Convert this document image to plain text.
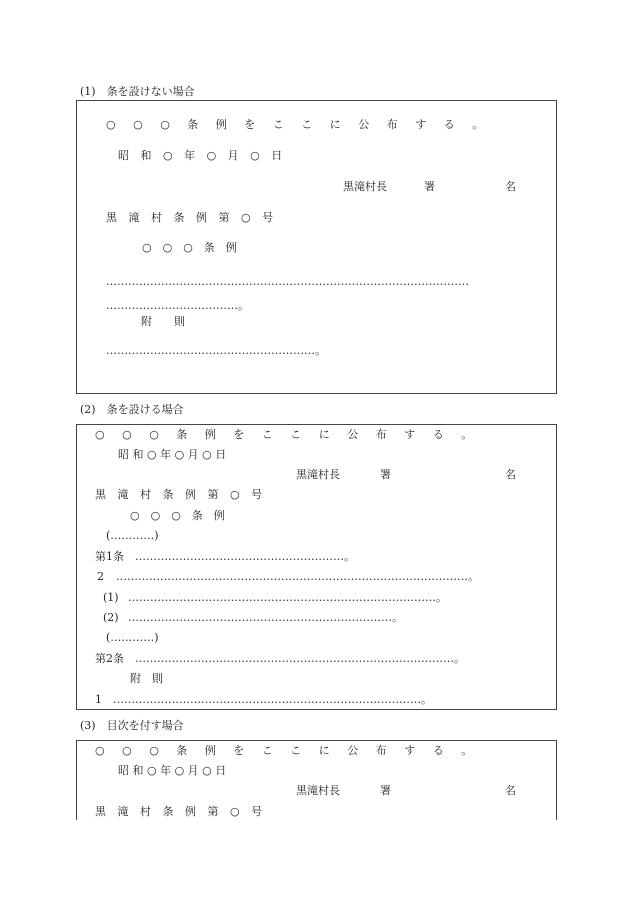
(1)　条を設けない場合
○ ○ ○ 条 例 を こ こ に 公 布 す る 。
昭 和 ○ 年 ○ 月 ○ 日
黒滝村長	署	名
黒 滝 村 条 例 第 ○ 号
○　○　○　条　例
………………………………………………………………………………………
………………………………。
附　　則
…………………………………………………。
(2)　条を設ける場合
○ ○ ○ 条 例 を こ こ に 公 布 す る 。
昭 和 ○ 年 ○ 月 ○ 日
黒滝村長	署	名
黒 滝 村 条 例 第 ○ 号
○　○　○　条　例
(…………)
第1条 …………………………………………………。
2 ……………………………………………………………………………………。
(1) …………………………………………………………………………。
(2) ………………………………………………………………。
(…………)
第2条 ……………………………………………………………………………。
附　則
1 …………………………………………………………………………。
(3)　目次を付す場合
○ ○ ○ 条 例 を こ こ に 公 布 す る 。
昭 和 ○ 年 ○ 月 ○ 日
黒滝村長	署	名
黒 滝 村 条 例 第 ○ 号
